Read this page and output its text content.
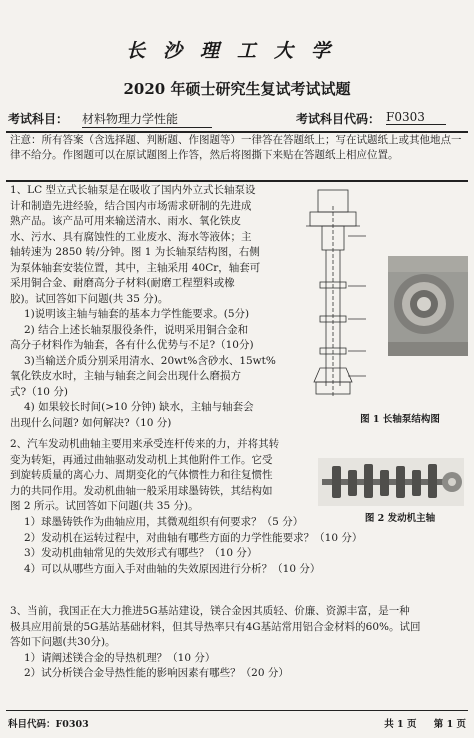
长沙理工大学
2020 年硕士研究生复试考试试题
考试科目： 材料物理力学性能	考试科目代码： F0303
注意：所有答案（含选择题、判断题、作图题等）一律答在答题纸上；写在试题纸上或其他地点一律不给分。作图题可以在原试题图上作答，然后将图撕下来贴在答题纸上相应位置。

1、LC 型立式长轴泵是在吸收了国内外立式长轴泵设

计和制造先进经验，结合国内市场需求研制的先进成

熟产品。该产品可用来输送清水、雨水、氧化铁皮

水、污水、具有腐蚀性的工业废水、海水等液体；主

轴转速为 2850 转/分钟。图 1 为长轴泵结构图，右侧

为泵体轴套安装位置，其中，主轴采用 40Cr，轴套可

采用铜合金、耐磨高分子材料(耐磨工程塑料或橡

胶)。试回答如下问题(共 35 分)。

1)说明该主轴与轴套的基本力学性能要求。(5分)

2) 结合上述长轴泵服役条件，说明采用铜合金和

高分子材料作为轴套，各有什么优势与不足?（10分)

3)当输送介质分别采用清水、20wt%含砂水、15wt%

氧化铁皮水时，主轴与轴套之间会出现什么磨损方

式?（10 分)

4) 如果较长时间(>10 分钟) 缺水，主轴与轴套会

出现什么问题? 如何解决?（10 分)	图 1 长轴泵结构图

2、汽车发动机曲轴主要用来承受连杆传来的力，并将其转

变为转矩，再通过曲轴驱动发动机上其他附件工作。它受

到旋转质量的离心力、周期变化的气体惯性力和往复惯性

力的共同作用。发动机曲轴一般采用球墨铸铁，其结构如

图 2 所示。试回答如下问题(共 35 分)。

1）球墨铸铁作为曲轴应用，其微观组织有何要求？（5 分）

2）发动机在运转过程中，对曲轴有哪些方面的力学性能要求？（10 分）

3）发动机曲轴常见的失效形式有哪些？（10 分）

4）可以从哪些方面入手对曲轴的失效原因进行分析？（10 分）

图 2 发动机主轴

3、当前，我国正在大力推进5G基站建设，镁合金因其质轻、价廉、资源丰富，是一种

极具应用前景的5G基站基础材料，但其导热率只有4G基站常用铝合金材料的60%。试回

答如下问题(共30分)。

1）请阐述镁合金的导热机理？（10 分）

2）试分析镁合金导热性能的影响因素有哪些？（20 分）

科目代码：F0303	共 1 页 第 1 页
